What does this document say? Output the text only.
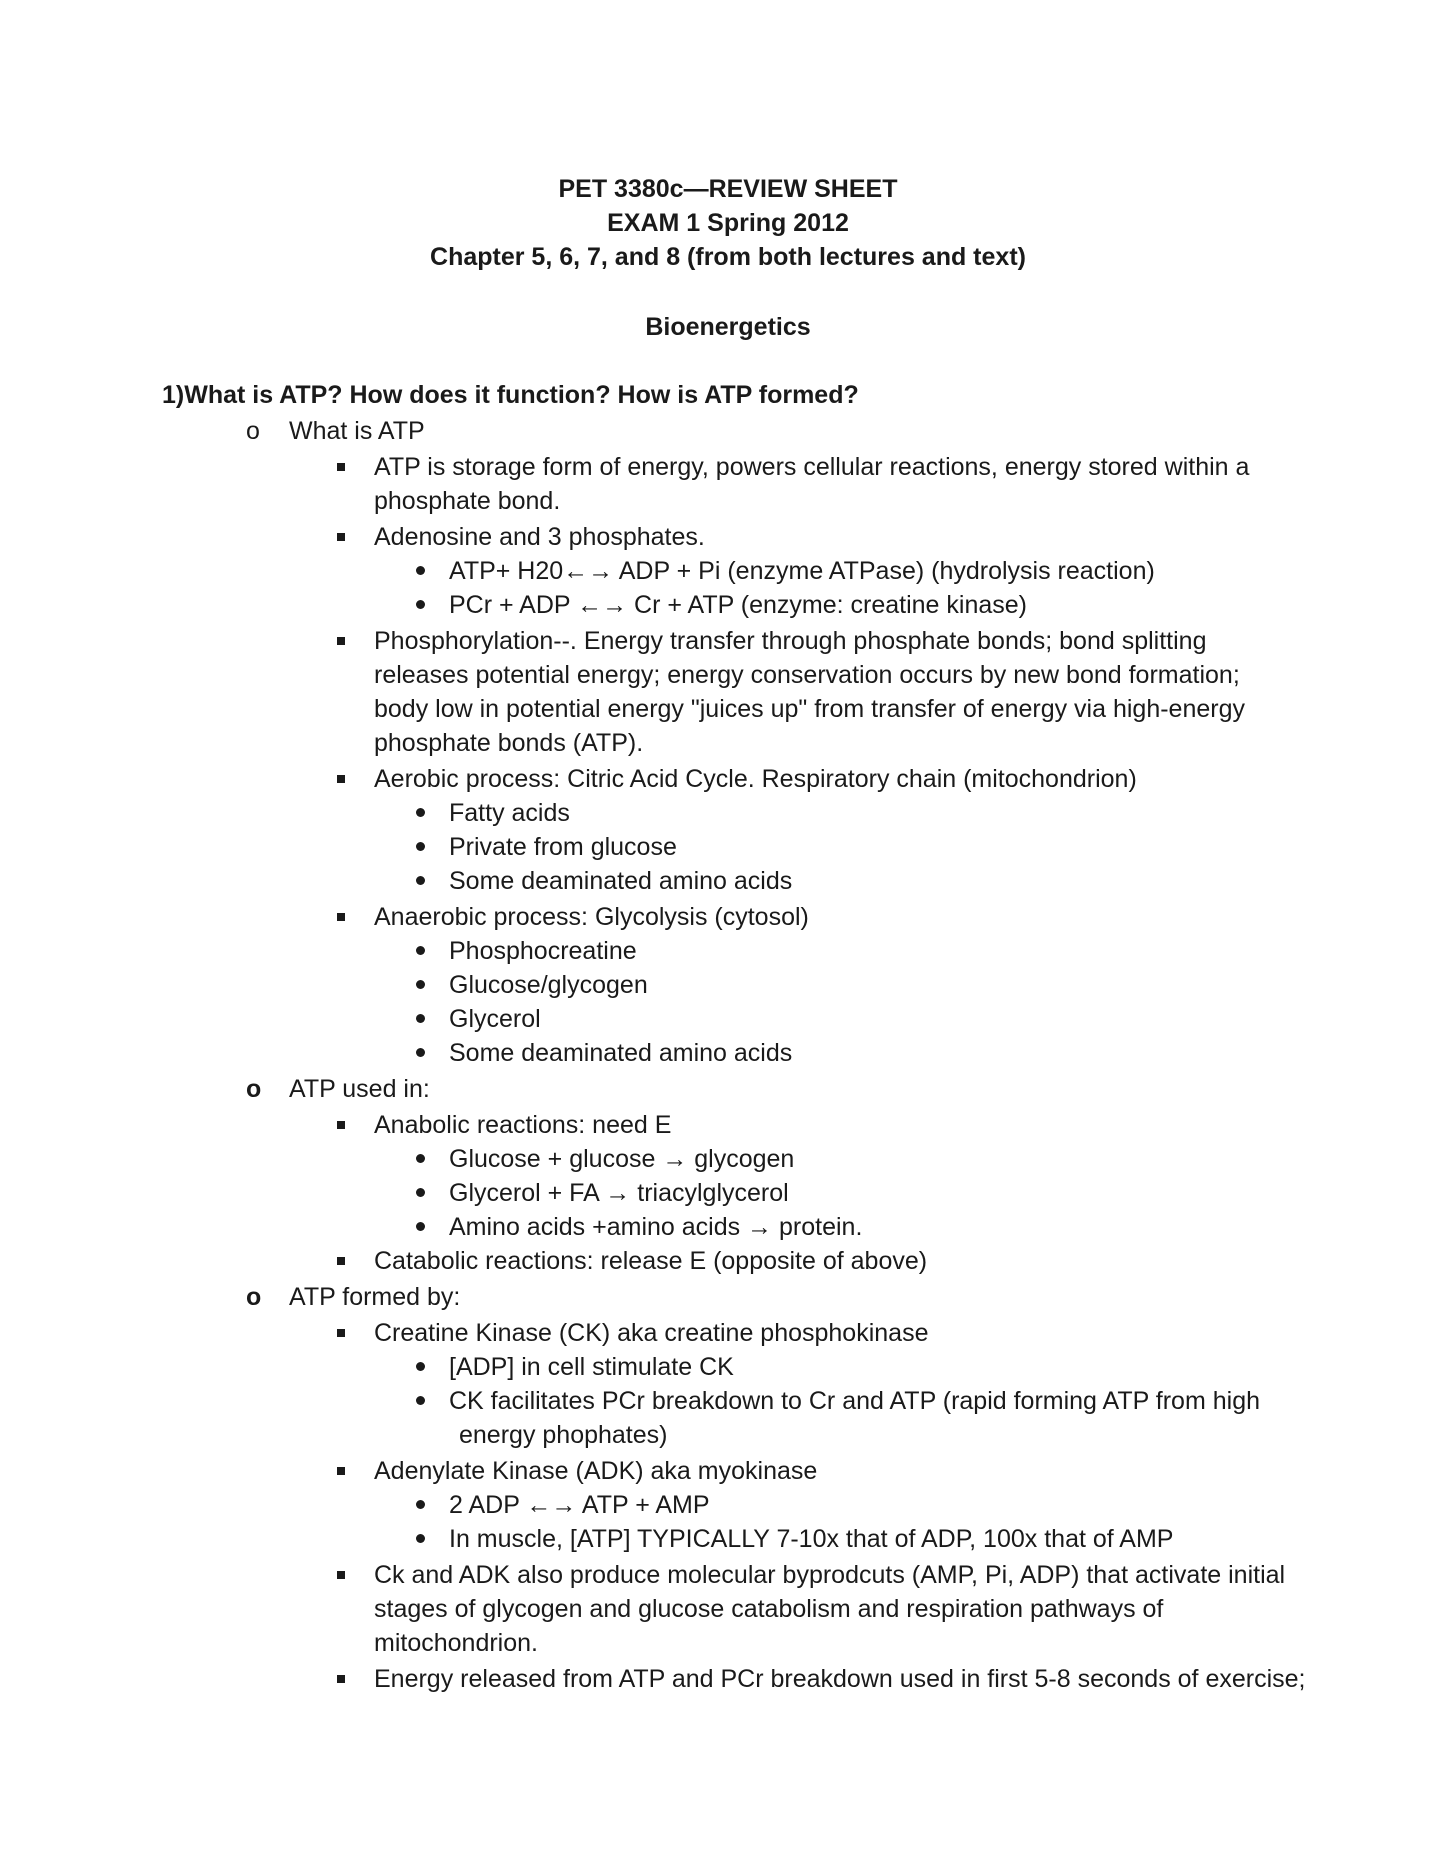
PET 3380c—REVIEW SHEET
EXAM 1 Spring 2012
Chapter 5, 6, 7, and 8 (from both lectures and text)
Bioenergetics
1)What is ATP? How does it function? How is ATP formed?
o What is ATP
ATP is storage form of energy, powers cellular reactions, energy stored within a
phosphate bond.
Adenosine and 3 phosphates.
ATP+ H20←→ ADP + Pi (enzyme ATPase) (hydrolysis reaction)
PCr + ADP ←→ Cr + ATP (enzyme: creatine kinase)
Phosphorylation--. Energy transfer through phosphate bonds; bond splitting
releases potential energy; energy conservation occurs by new bond formation;
body low in potential energy "juices up" from transfer of energy via high-energy
phosphate bonds (ATP).
Aerobic process: Citric Acid Cycle. Respiratory chain (mitochondrion)
Fatty acids
Private from glucose
Some deaminated amino acids
Anaerobic process: Glycolysis (cytosol)
Phosphocreatine
Glucose/glycogen
Glycerol
Some deaminated amino acids
o ATP used in:
Anabolic reactions: need E
Glucose + glucose → glycogen
Glycerol + FA → triacylglycerol
Amino acids +amino acids → protein.
Catabolic reactions: release E (opposite of above)
o ATP formed by:
Creatine Kinase (CK) aka creatine phosphokinase
[ADP] in cell stimulate CK
CK facilitates PCr breakdown to Cr and ATP (rapid forming ATP from high
energy phophates)
Adenylate Kinase (ADK) aka myokinase
2 ADP ←→ ATP + AMP
In muscle, [ATP] TYPICALLY 7-10x that of ADP, 100x that of AMP
Ck and ADK also produce molecular byprodcuts (AMP, Pi, ADP) that activate initial
stages of glycogen and glucose catabolism and respiration pathways of
mitochondrion.
Energy released from ATP and PCr breakdown used in first 5-8 seconds of exercise;
